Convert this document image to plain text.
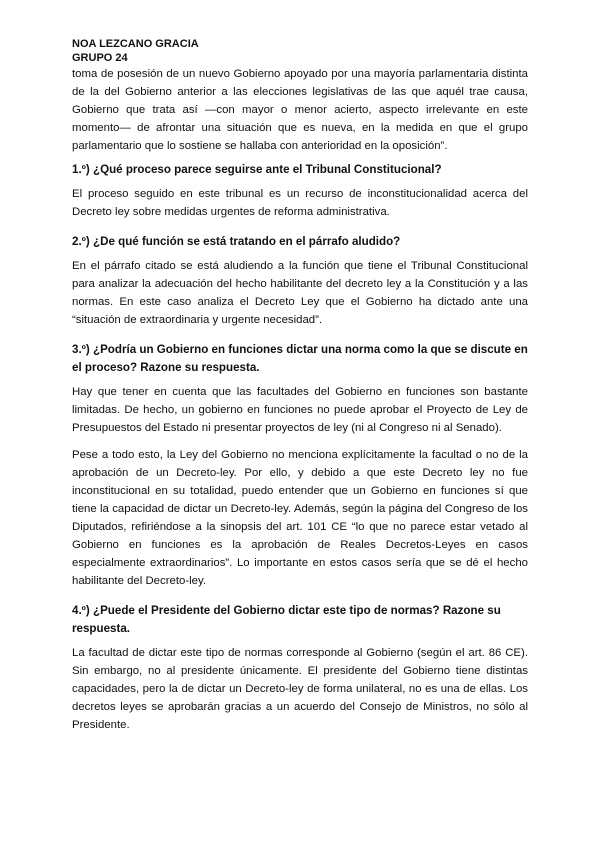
NOA LEZCANO GRACIA
GRUPO 24

toma de posesión de un nuevo Gobierno apoyado por una mayoría parlamentaria distinta de la del Gobierno anterior a las elecciones legislativas de las que aquél trae causa, Gobierno que trata así —con mayor o menor acierto, aspecto irrelevante en este momento— de afrontar una situación que es nueva, en la medida en que el grupo parlamentario que lo sostiene se hallaba con anterioridad en la oposición”.

1.º) ¿Qué proceso parece seguirse ante el Tribunal Constitucional?

El proceso seguido en este tribunal es un recurso de inconstitucionalidad acerca del Decreto ley sobre medidas urgentes de reforma administrativa.

2.º) ¿De qué función se está tratando en el párrafo aludido?

En el párrafo citado se está aludiendo a la función que tiene el Tribunal Constitucional para analizar la adecuación del hecho habilitante del decreto ley a la Constitución y a las normas. En este caso analiza el Decreto Ley que el Gobierno ha dictado ante una “situación de extraordinaria y urgente necesidad”.

3.º) ¿Podría un Gobierno en funciones dictar una norma como la que se discute en el proceso? Razone su respuesta.

Hay que tener en cuenta que las facultades del Gobierno en funciones son bastante limitadas. De hecho, un gobierno en funciones no puede aprobar el Proyecto de Ley de Presupuestos del Estado ni presentar proyectos de ley (ni al Congreso ni al Senado).

Pese a todo esto, la Ley del Gobierno no menciona explícitamente la facultad o no de la aprobación de un Decreto-ley. Por ello, y debido a que este Decreto ley no fue inconstitucional en su totalidad, puedo entender que un Gobierno en funciones sí que tiene la capacidad de dictar un Decreto-ley. Además, según la página del Congreso de los Diputados, refiriéndose a la sinopsis del art. 101 CE “lo que no parece estar vetado al Gobierno en funciones es la aprobación de Reales Decretos-Leyes en casos especialmente extraordinarios”. Lo importante en estos casos sería que se dé el hecho habilitante del Decreto-ley.

4.º) ¿Puede el Presidente del Gobierno dictar este tipo de normas? Razone su respuesta.

La facultad de dictar este tipo de normas corresponde al Gobierno (según el art. 86 CE). Sin embargo, no al presidente únicamente. El presidente del Gobierno tiene distintas capacidades, pero la de dictar un Decreto-ley de forma unilateral, no es una de ellas. Los decretos leyes se aprobarán gracias a un acuerdo del Consejo de Ministros, no sólo al Presidente.
